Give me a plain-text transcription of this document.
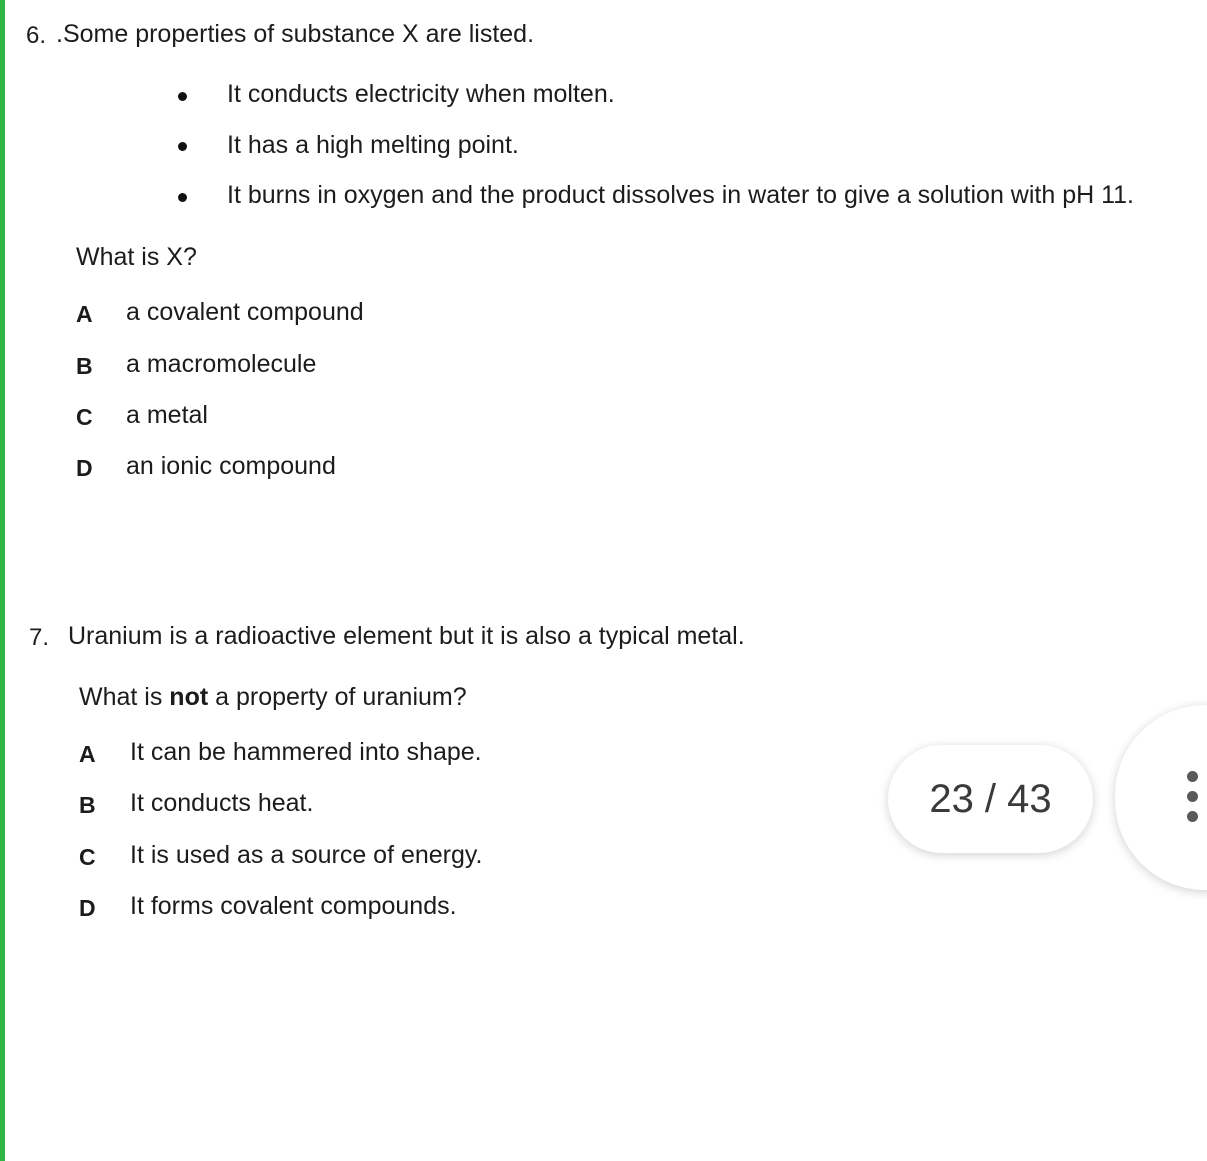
6. .Some properties of substance X are listed.
It conducts electricity when molten.
It has a high melting point.
It burns in oxygen and the product dissolves in water to give a solution with pH 11.
What is X?
A a covalent compound
B a macromolecule
C a metal
D an ionic compound
7. Uranium is a radioactive element but it is also a typical metal.
What is not a property of uranium?
A It can be hammered into shape.
B It conducts heat.
C It is used as a source of energy.
D It forms covalent compounds.
23 / 43
